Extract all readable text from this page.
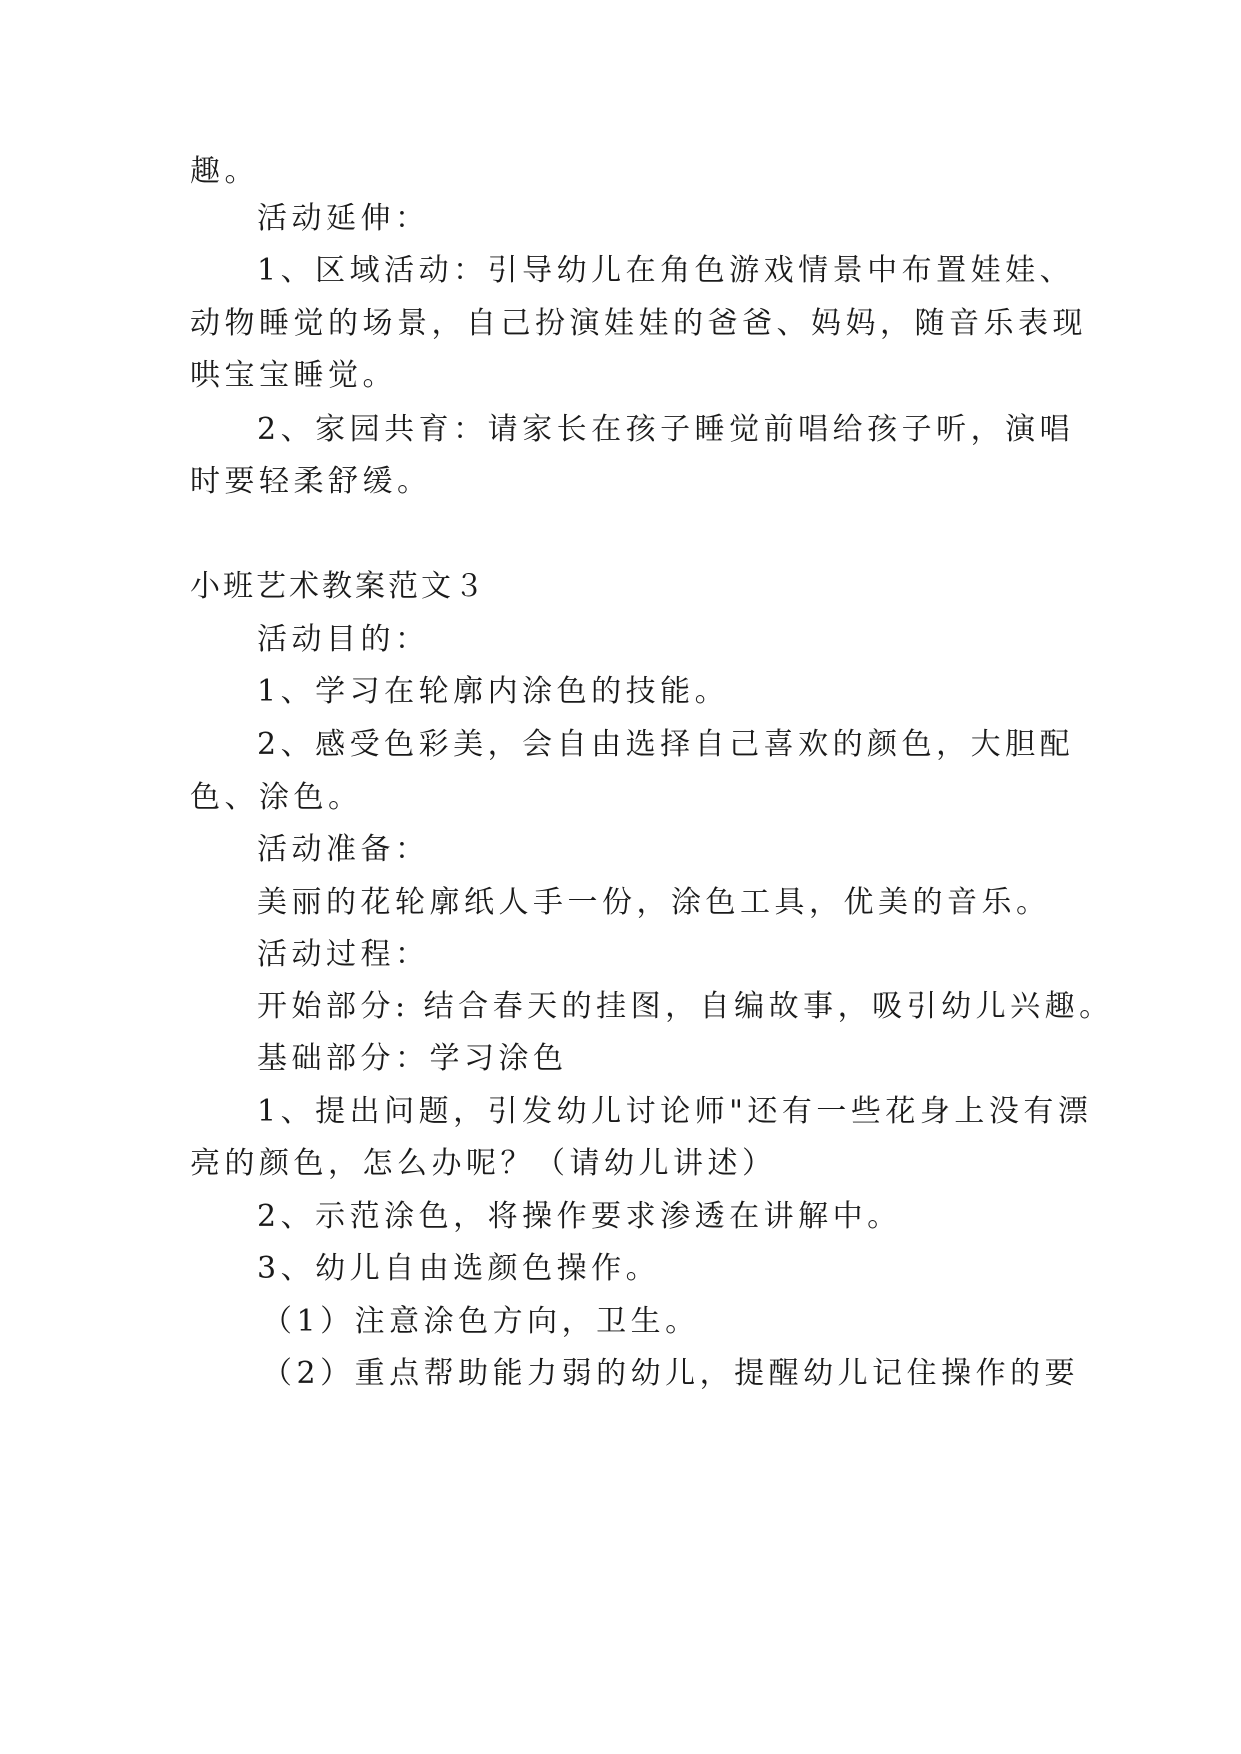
趣。
活动延伸：
1、区域活动：引导幼儿在角色游戏情景中布置娃娃、
动物睡觉的场景，自己扮演娃娃的爸爸、妈妈，随音乐表现
哄宝宝睡觉。
2、家园共育：请家长在孩子睡觉前唱给孩子听，演唱
时要轻柔舒缓。
小班艺术教案范文３
活动目的：
1、学习在轮廓内涂色的技能。
2、感受色彩美，会自由选择自己喜欢的颜色，大胆配
色、涂色。
活动准备：
美丽的花轮廓纸人手一份，涂色工具，优美的音乐。
活动过程：
开始部分: 结合春天的挂图，自编故事，吸引幼儿兴趣。
基础部分：学习涂色
1、提出问题，引发幼儿讨论师"还有一些花身上没有漂
亮的颜色，怎么办呢？（请幼儿讲述）
2、示范涂色，将操作要求渗透在讲解中。
3、幼儿自由选颜色操作。
（1）注意涂色方向，卫生。
（2）重点帮助能力弱的幼儿，提醒幼儿记住操作的要
